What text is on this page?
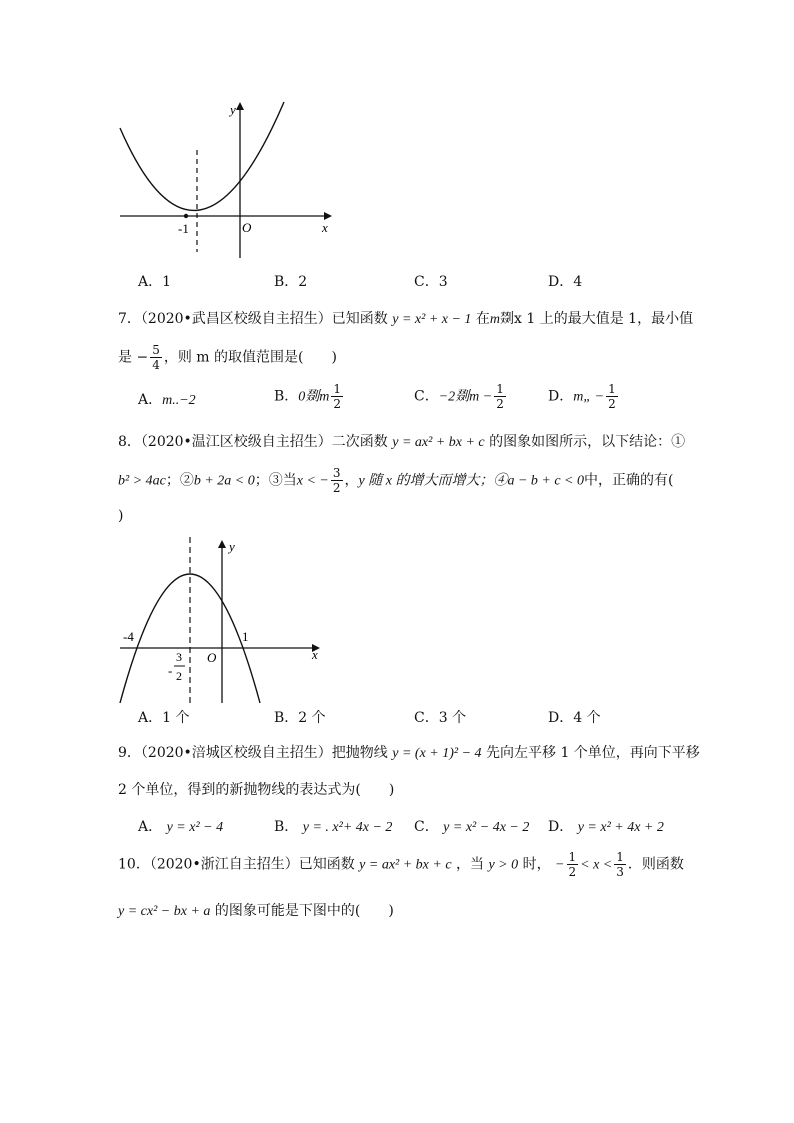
-1	O	x
y
A．1	B．2	C．3	D．4
7．（2020•武昌区校级自主招生）已知函数 y = x² + x − 1 在m剟x 1 上的最大值是 1，最小值
是 − $\frac{5}{4}$ ，则 m 的取值范围是(　　)
A．m..−2	B．0剟m $\frac{1}{2}$	C．−2剟$m - \frac{1}{2}$	D．m„ − $\frac{1}{2}$
8．（2020•温江区校级自主招生）二次函数 y = ax² + bx + c 的图象如图所示，以下结论：①
b² > 4ac；②b + 2a < 0；③当x < − $\frac{3}{2}$ ，y 随 x 的增大而增大；④a − b + c < 0中，正确的有(
)
-4	1
O	x
y
-
3
2
A．1 个	B．2 个	C．3 个	D．4 个
9．（2020•涪城区校级自主招生）把抛物线 y = (x + 1)² − 4 先向左平移 1 个单位，再向下平移
2 个单位，得到的新抛物线的表达式为(　　)
A． y = x² − 4	B． y = . x²+ 4x − 2 C． y = x² − 4x − 2 D． y = x² + 4x + 2
10．（2020•浙江自主招生）已知函数 y = ax² + bx + c ，当 y > 0 时， − $\frac{1}{2} < x < \frac{1}{3}$ ．则函数
y = cx² − bx + a 的图象可能是下图中的(　　)
